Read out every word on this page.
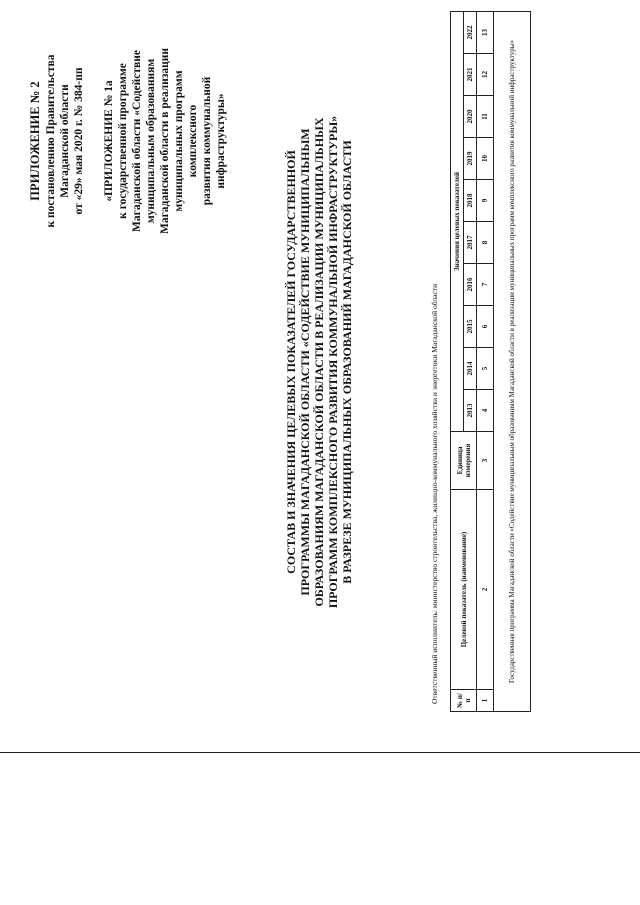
ПРИЛОЖЕНИЕ № 2 к постановлению Правительства Магаданской области от «29» мая 2020 г. № 384-пп «ПРИЛОЖЕНИЕ № 1а к государственной программе Магаданской области «Содействие муниципальным образованиям Магаданской области в реализации муниципальных программ комплексного развития коммунальной инфраструктуры»
СОСТАВ И ЗНАЧЕНИЯ ЦЕЛЕВЫХ ПОКАЗАТЕЛЕЙ ГОСУДАРСТВЕННОЙ ПРОГРАММЫ МАГАДАНСКОЙ ОБЛАСТИ «СОДЕЙСТВИЕ МУНИЦИПАЛЬНЫМ ОБРАЗОВАНИЯМ МАГАДАНСКОЙ ОБЛАСТИ В РЕАЛИЗАЦИИ МУНИЦИПАЛЬНЫХ ПРОГРАММ КОМПЛЕКСНОГО РАЗВИТИЯ КОММУНАЛЬНОЙ ИНФРАСТРУКТУРЫ» В РАЗРЕЗЕ МУНИЦИПАЛЬНЫХ ОБРАЗОВАНИЙ МАГАДАНСКОЙ ОБЛАСТИ	Ответственный исполнитель: министерство строительства, жилищно-коммунального хозяйства и энергетики Магаданской области № п/п	Целевой показатель (наименование)	Единица измерения	Значения целевых показателей									
			2013	2014	2015	2016	2017	2018	2019	2020	2021	2022
1	2	3	4	5	6	7	8	9	10	11	12	13
Государственная программа Магаданской области «Содействие муниципальным образованиям Магаданской области в реализации муниципальных программ комплексного развития коммунальной инфраструктуры»												
